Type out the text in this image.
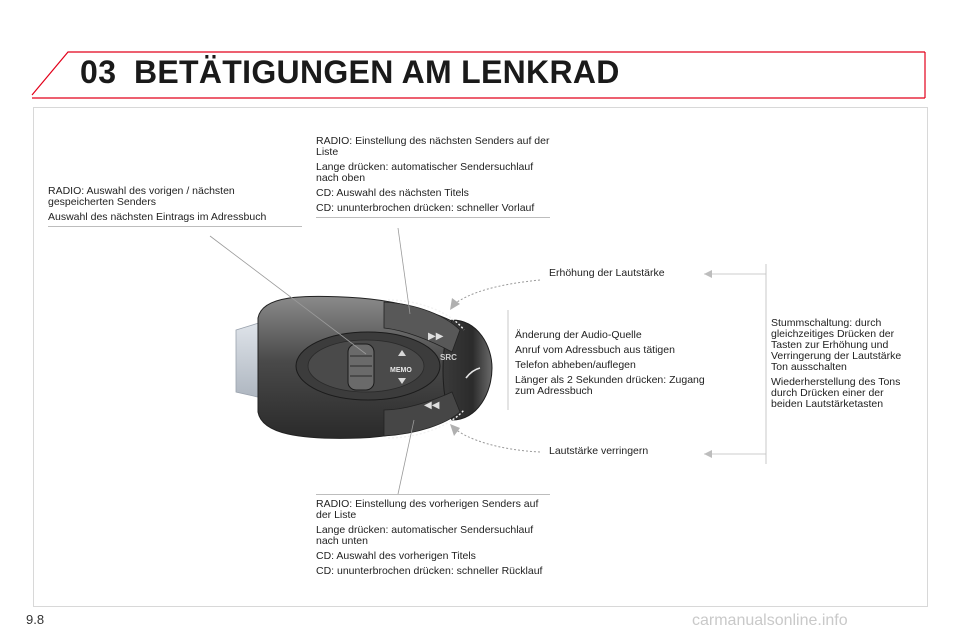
03 BETÄTIGUNGEN AM LENKRAD
SRC
▶▶
◀◀
MEMO

RADIO: Auswahl des vorigen / nächsten gespeicherten Senders

Auswahl des nächsten Eintrags im Adressbuch

RADIO: Einstellung des nächsten Senders auf der Liste

Lange drücken: automatischer Sendersuchlauf nach oben

CD: Auswahl des nächsten Titels

CD: ununterbrochen drücken: schneller Vorlauf

Erhöhung der Lautstärke

Änderung der Audio-Quelle

Anruf vom Adressbuch aus tätigen

Telefon abheben/auflegen

Länger als 2 Sekunden drücken: Zugang zum Adressbuch

Stummschaltung: durch gleichzeitiges Drücken der Tasten zur Erhöhung und Verringerung der Lautstärke Ton ausschalten

Wiederherstellung des Tons durch Drücken einer der beiden Lautstärketasten

Lautstärke verringern

RADIO: Einstellung des vorherigen Senders auf der Liste

Lange drücken: automatischer Sendersuchlauf nach unten

CD: Auswahl des vorherigen Titels

CD: ununterbrochen drücken: schneller Rücklauf

9.8	carmanualsonline.info
